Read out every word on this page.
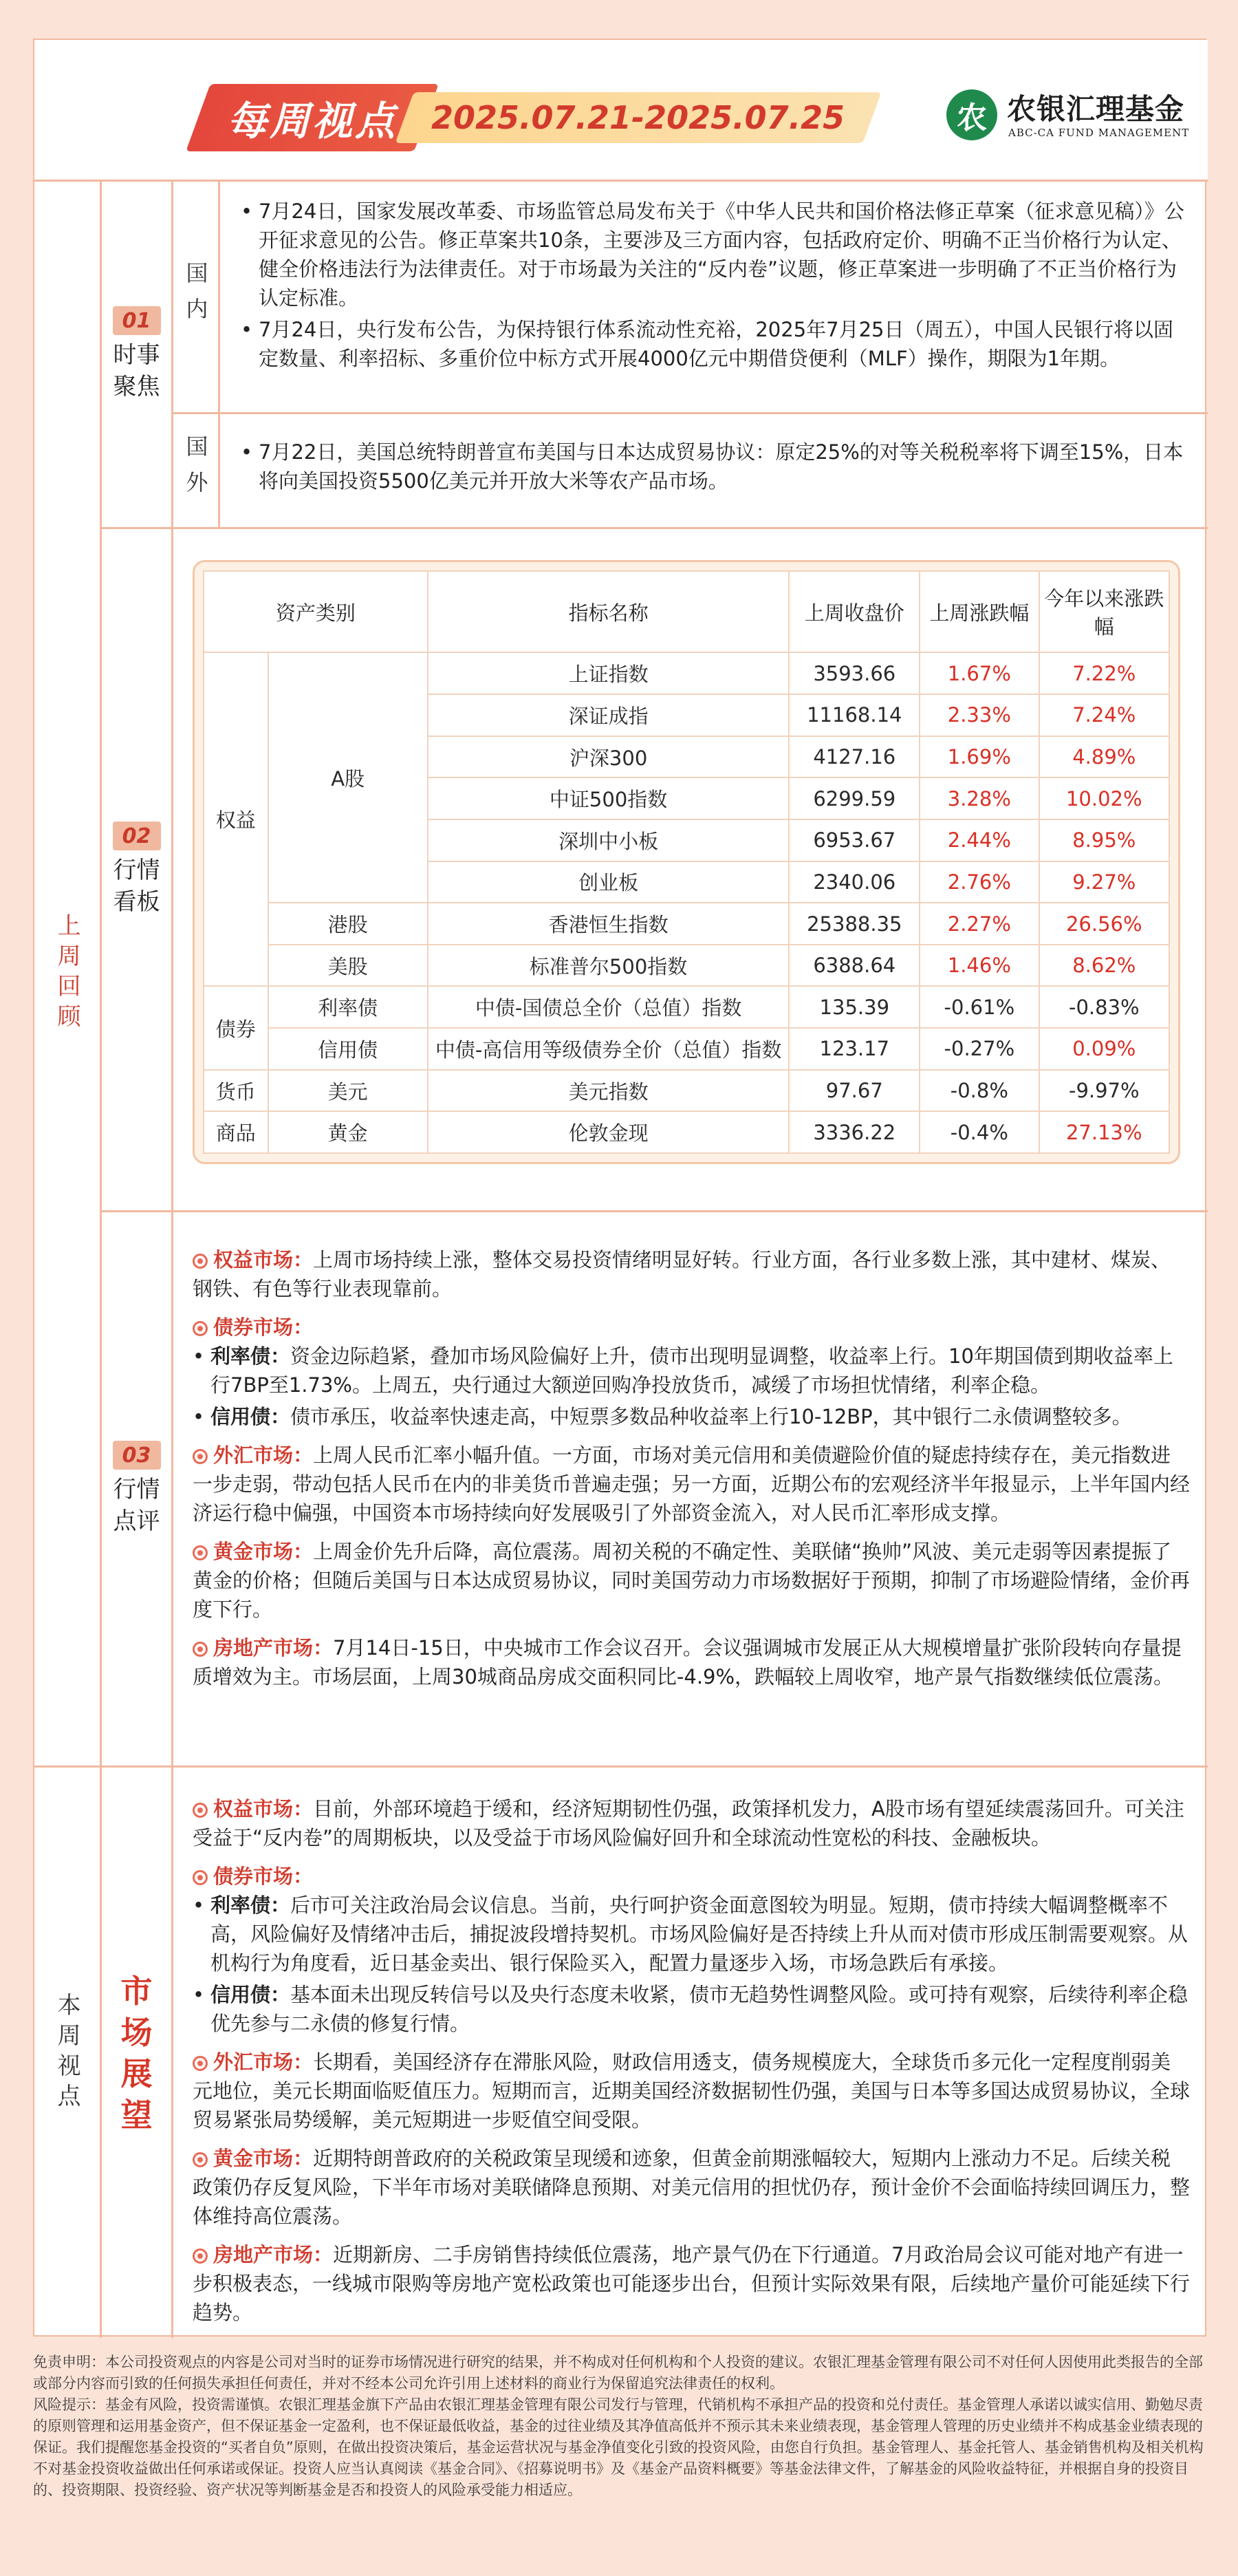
每周视点 2025.07.21-2025.07.25	农 农银汇理基金
ABC-CA FUND MANAGEMENT
上周回顾
本周视点
01
时事聚焦
国内
• 7月24日，国家发展改革委、市场监管总局发布关于《中华人民共和国价格法修正草案（征求意见稿）》公开征求意见的公告。修正草案共10条，主要涉及三方面内容，包括政府定价、明确不正当价格行为认定、健全价格违法行为法律责任。对于市场最为关注的“反内卷”议题，修正草案进一步明确了不正当价格行为认定标准。
• 7月24日，央行发布公告，为保持银行体系流动性充裕，2025年7月25日（周五），中国人民银行将以固定数量、利率招标、多重价位中标方式开展4000亿元中期借贷便利（MLF）操作，期限为1年期。
国外	• 7月22日，美国总统特朗普宣布美国与日本达成贸易协议：原定25%的对等关税税率将下调至15%，日本将向美国投资5500亿美元并开放大米等农产品市场。
02
行情看板
03
行情点评
权益市场：上周市场持续上涨，整体交易投资情绪明显好转。行业方面，各行业多数上涨，其中建材、煤炭、钢铁、有色等行业表现靠前。
债券市场：
• 利率债：资金边际趋紧，叠加市场风险偏好上升，债市出现明显调整，收益率上行。10年期国债到期收益率上行7BP至1.73%。上周五，央行通过大额逆回购净投放货币，减缓了市场担忧情绪，利率企稳。
• 信用债：债市承压，收益率快速走高，中短票多数品种收益率上行10-12BP，其中银行二永债调整较多。
外汇市场：上周人民币汇率小幅升值。一方面，市场对美元信用和美债避险价值的疑虑持续存在，美元指数进一步走弱，带动包括人民币在内的非美货币普遍走强；另一方面，近期公布的宏观经济半年报显示，上半年国内经济运行稳中偏强，中国资本市场持续向好发展吸引了外部资金流入，对人民币汇率形成支撑。
黄金市场：上周金价先升后降，高位震荡。周初关税的不确定性、美联储“换帅”风波、美元走弱等因素提振了黄金的价格；但随后美国与日本达成贸易协议，同时美国劳动力市场数据好于预期，抑制了市场避险情绪，金价再度下行。
房地产市场：7月14日-15日，中央城市工作会议召开。会议强调城市发展正从大规模增量扩张阶段转向存量提质增效为主。市场层面，上周30城商品房成交面积同比-4.9%，跌幅较上周收窄，地产景气指数继续低位震荡。
市场展望
权益市场：目前，外部环境趋于缓和，经济短期韧性仍强，政策择机发力，A股市场有望延续震荡回升。可关注受益于“反内卷”的周期板块，以及受益于市场风险偏好回升和全球流动性宽松的科技、金融板块。
债券市场：
• 利率债：后市可关注政治局会议信息。当前，央行呵护资金面意图较为明显。短期，债市持续大幅调整概率不高，风险偏好及情绪冲击后，捕捉波段增持契机。市场风险偏好是否持续上升从而对债市形成压制需要观察。从机构行为角度看，近日基金卖出、银行保险买入，配置力量逐步入场，市场急跌后有承接。
• 信用债：基本面未出现反转信号以及央行态度未收紧，债市无趋势性调整风险。或可持有观察，后续待利率企稳优先参与二永债的修复行情。
外汇市场：长期看，美国经济存在滞胀风险，财政信用透支，债务规模庞大，全球货币多元化一定程度削弱美元地位，美元长期面临贬值压力。短期而言，近期美国经济数据韧性仍强，美国与日本等多国达成贸易协议，全球贸易紧张局势缓解，美元短期进一步贬值空间受限。
黄金市场：近期特朗普政府的关税政策呈现缓和迹象，但黄金前期涨幅较大，短期内上涨动力不足。后续关税政策仍存反复风险，下半年市场对美联储降息预期、对美元信用的担忧仍存，预计金价不会面临持续回调压力，整体维持高位震荡。
房地产市场：近期新房、二手房销售持续低位震荡，地产景气仍在下行通道。7月政治局会议可能对地产有进一步积极表态，一线城市限购等房地产宽松政策也可能逐步出台，但预计实际效果有限，后续地产量价可能延续下行趋势。
资产类别		指标名称	上周收盘价	上周涨跌幅	今年以来涨跌幅
权益	A股	上证指数	3593.66	1.67%	7.22%
		深证成指	11168.14	2.33%	7.24%
		沪深300	4127.16	1.69%	4.89%
		中证500指数	6299.59	3.28%	10.02%
		深圳中小板	6953.67	2.44%	8.95%
		创业板	2340.06	2.76%	9.27%
	港股	香港恒生指数	25388.35	2.27%	26.56%
	美股	标准普尔500指数	6388.64	1.46%	8.62%
债券	利率债	中债-国债总全价（总值）指数	135.39	-0.61%	-0.83%
	信用债	中债-高信用等级债券全价（总值）指数	123.17	-0.27%	0.09%
货币	美元	美元指数	97.67	-0.8%	-9.97%
商品	黄金	伦敦金现	3336.22	-0.4%	27.13%
免责申明：本公司投资观点的内容是公司对当时的证券市场情况进行研究的结果，并不构成对任何机构和个人投资的建议。农银汇理基金管理有限公司不对任何人因使用此类报告的全部或部分内容而引致的任何损失承担任何责任，并对不经本公司允许引用上述材料的商业行为保留追究法律责任的权利。
风险提示：基金有风险，投资需谨慎。农银汇理基金旗下产品由农银汇理基金管理有限公司发行与管理，代销机构不承担产品的投资和兑付责任。基金管理人承诺以诚实信用、勤勉尽责的原则管理和运用基金资产，但不保证基金一定盈利，也不保证最低收益，基金的过往业绩及其净值高低并不预示其未来业绩表现，基金管理人管理的历史业绩并不构成基金业绩表现的保证。我们提醒您基金投资的“买者自负”原则，在做出投资决策后，基金运营状况与基金净值变化引致的投资风险，由您自行负担。基金管理人、基金托管人、基金销售机构及相关机构不对基金投资收益做出任何承诺或保证。投资人应当认真阅读《基金合同》、《招募说明书》及《基金产品资料概要》等基金法律文件，了解基金的风险收益特征，并根据自身的投资目的、投资期限、投资经验、资产状况等判断基金是否和投资人的风险承受能力相适应。
